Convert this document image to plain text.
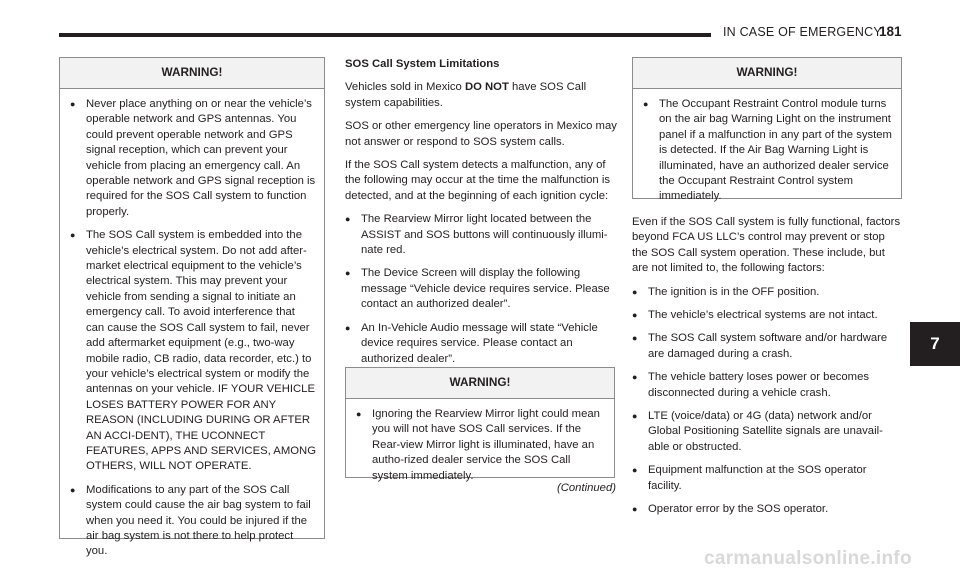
IN CASE OF EMERGENCY
181
7
WARNING!
● Never place anything on or near the vehicle’s operable network and GPS antennas. You could prevent operable network and GPS signal reception, which can prevent your vehicle from placing an emergency call. An operable network and GPS signal reception is required for the SOS Call system to function properly.
● The SOS Call system is embedded into the vehicle’s electrical system. Do not add after-market electrical equipment to the vehicle’s electrical system. This may prevent your vehicle from sending a signal to initiate an emergency call. To avoid interference that can cause the SOS Call system to fail, never add aftermarket equipment (e.g., two-way mobile radio, CB radio, data recorder, etc.) to your vehicle’s electrical system or modify the antennas on your vehicle. IF YOUR VEHICLE LOSES BATTERY POWER FOR ANY REASON (INCLUDING DURING OR AFTER AN ACCI-DENT), THE UCONNECT FEATURES, APPS AND SERVICES, AMONG OTHERS, WILL NOT OPERATE.
● Modifications to any part of the SOS Call system could cause the air bag system to fail when you need it. You could be injured if the air bag system is not there to help protect you.
SOS Call System Limitations

Vehicles sold in Mexico DO NOT have SOS Call system capabilities.

SOS or other emergency line operators in Mexico may not answer or respond to SOS system calls.

If the SOS Call system detects a malfunction, any of the following may occur at the time the malfunction is detected, and at the beginning of each ignition cycle:

● The Rearview Mirror light located between the ASSIST and SOS buttons will continuously illumi-nate red.
● The Device Screen will display the following message “Vehicle device requires service. Please contact an authorized dealer”.
● An In-Vehicle Audio message will state “Vehicle device requires service. Please contact an authorized dealer”.
WARNING!
● Ignoring the Rearview Mirror light could mean you will not have SOS Call services. If the Rear-view Mirror light is illuminated, have an autho-rized dealer service the SOS Call system immediately.
(Continued)
WARNING!
● The Occupant Restraint Control module turns on the air bag Warning Light on the instrument panel if a malfunction in any part of the system is detected. If the Air Bag Warning Light is illuminated, have an authorized dealer service the Occupant Restraint Control system immediately.

Even if the SOS Call system is fully functional, factors beyond FCA US LLC’s control may prevent or stop the SOS Call system operation. These include, but are not limited to, the following factors:

● The ignition is in the OFF position.
● The vehicle’s electrical systems are not intact.
● The SOS Call system software and/or hardware are damaged during a crash.
● The vehicle battery loses power or becomes disconnected during a vehicle crash.
● LTE (voice/data) or 4G (data) network and/or Global Positioning Satellite signals are unavail-able or obstructed.
● Equipment malfunction at the SOS operator facility.
● Operator error by the SOS operator.
carmanualsonline.info
